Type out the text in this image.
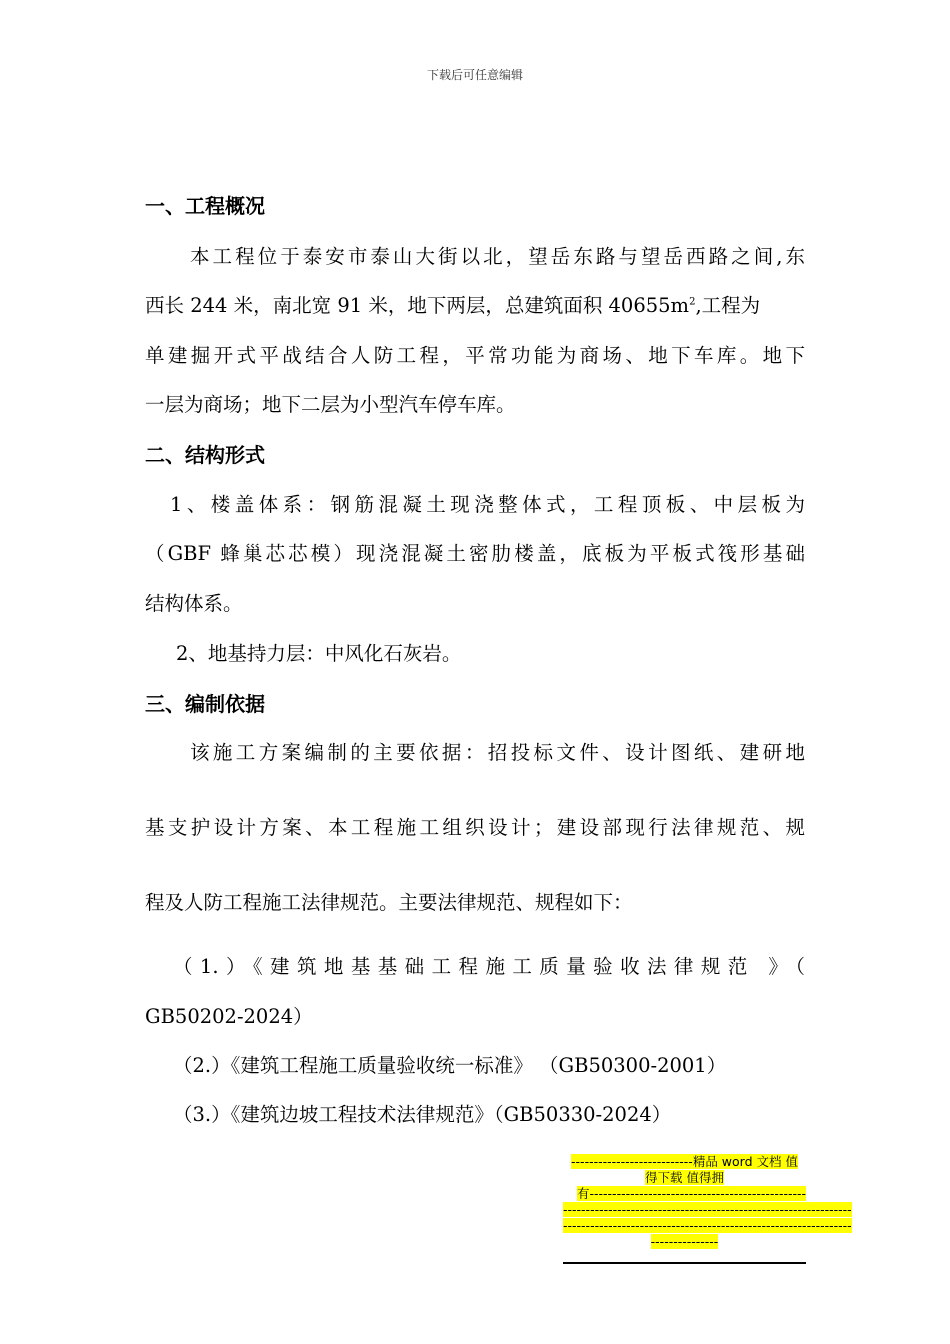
下载后可任意编辑
一、工程概况
本工程位于泰安市泰山大街以北，望岳东路与望岳西路之间,东
西长 244 米，南北宽 91 米，地下两层，总建筑面积 $40655m^2$,工程为
单建掘开式平战结合人防工程，平常功能为商场、地下车库。地下
一层为商场；地下二层为小型汽车停车库。
二、结构形式
1、楼盖体系：钢筋混凝土现浇整体式，工程顶板、中层板为
（GBF 蜂巢芯芯模）现浇混凝土密肋楼盖，底板为平板式筏形基础
结构体系。
2、地基持力层：中风化石灰岩。
三、编制依据
该施工方案编制的主要依据：招投标文件、设计图纸、建研地
基支护设计方案、本工程施工组织设计；建设部现行法律规范、规
程及人防工程施工法律规范。主要法律规范、规程如下：
（1.）《建筑地基基础工程施工质量验收法律规范 》（
GB50202-2024）
（2.）《建筑工程施工质量验收统一标准》 （GB50300-2001）
（3.）《建筑边坡工程技术法律规范》（GB50330-2024）
---------------------------精品 word 文档 值
得下载 值得拥
有------------------------------------------------
----------------------------------------------------------------
----------------------------------------------------------------
---------------
